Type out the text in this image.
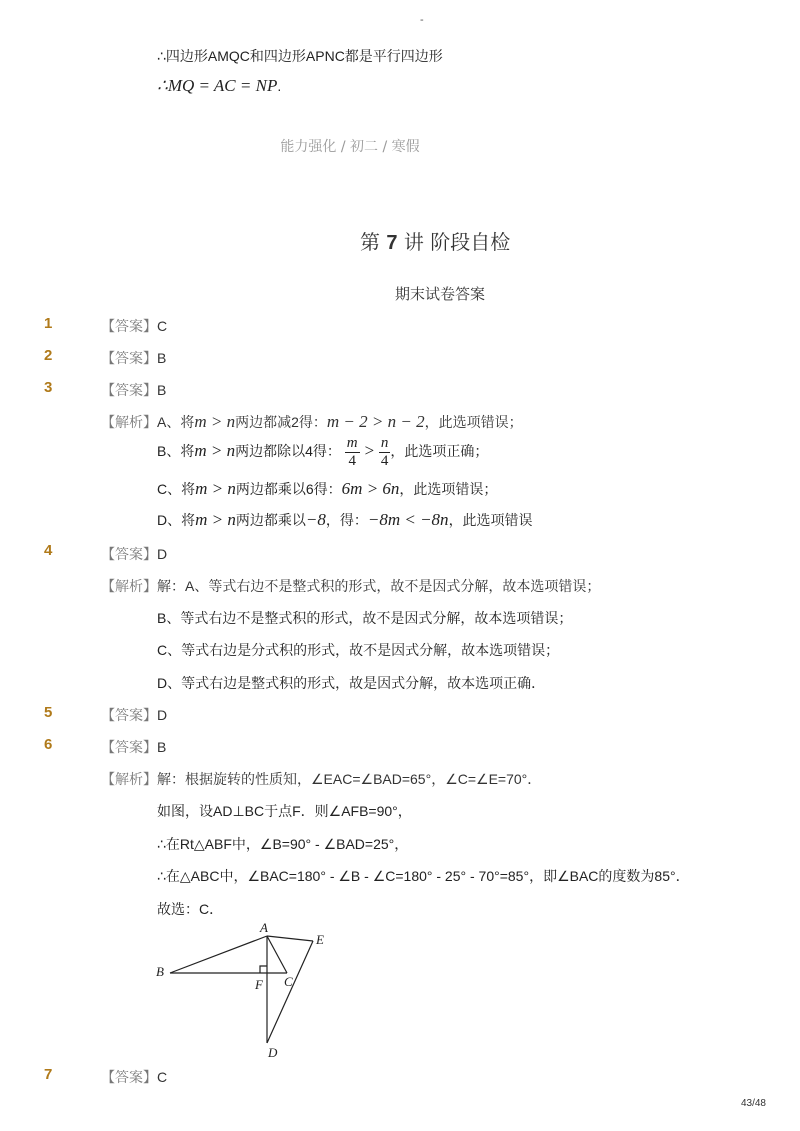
-
∴四边形AMQC和四边形APNC都是平行四边形
∴MQ = AC = NP.
能力强化 / 初二 / 寒假
第 7 讲 阶段自检
期末试卷答案
1	【答案】C
2	【答案】B
3	【答案】B
【解析】A、将m > n两边都减2得：m − 2 > n − 2，此选项错误；
B、将m > n两边都除以4得： $\frac{m}{4} > \frac{n}{4}$ ，此选项正确；
C、将m > n两边都乘以6得：6m > 6n，此选项错误；
D、将m > n两边都乘以−8，得：−8m < −8n，此选项错误
4	【答案】D
【解析】解：A、等式右边不是整式积的形式，故不是因式分解，故本选项错误；
B、等式右边不是整式积的形式，故不是因式分解，故本选项错误；
C、等式右边是分式积的形式，故不是因式分解，故本选项错误；
D、等式右边是整式积的形式，故是因式分解，故本选项正确．
5	【答案】D
6	【答案】B
【解析】解：根据旋转的性质知，∠EAC=∠BAD=65°，∠C=∠E=70°．
如图，设AD⊥BC于点F．则∠AFB=90°，
∴在Rt△ABF中，∠B=90° - ∠BAD=25°，
∴在△ABC中，∠BAC=180° - ∠B - ∠C=180° - 25° - 70°=85°，即∠BAC的度数为85°．
故选：C．
A
B
C
D
E
F
7	【答案】C
43/48
